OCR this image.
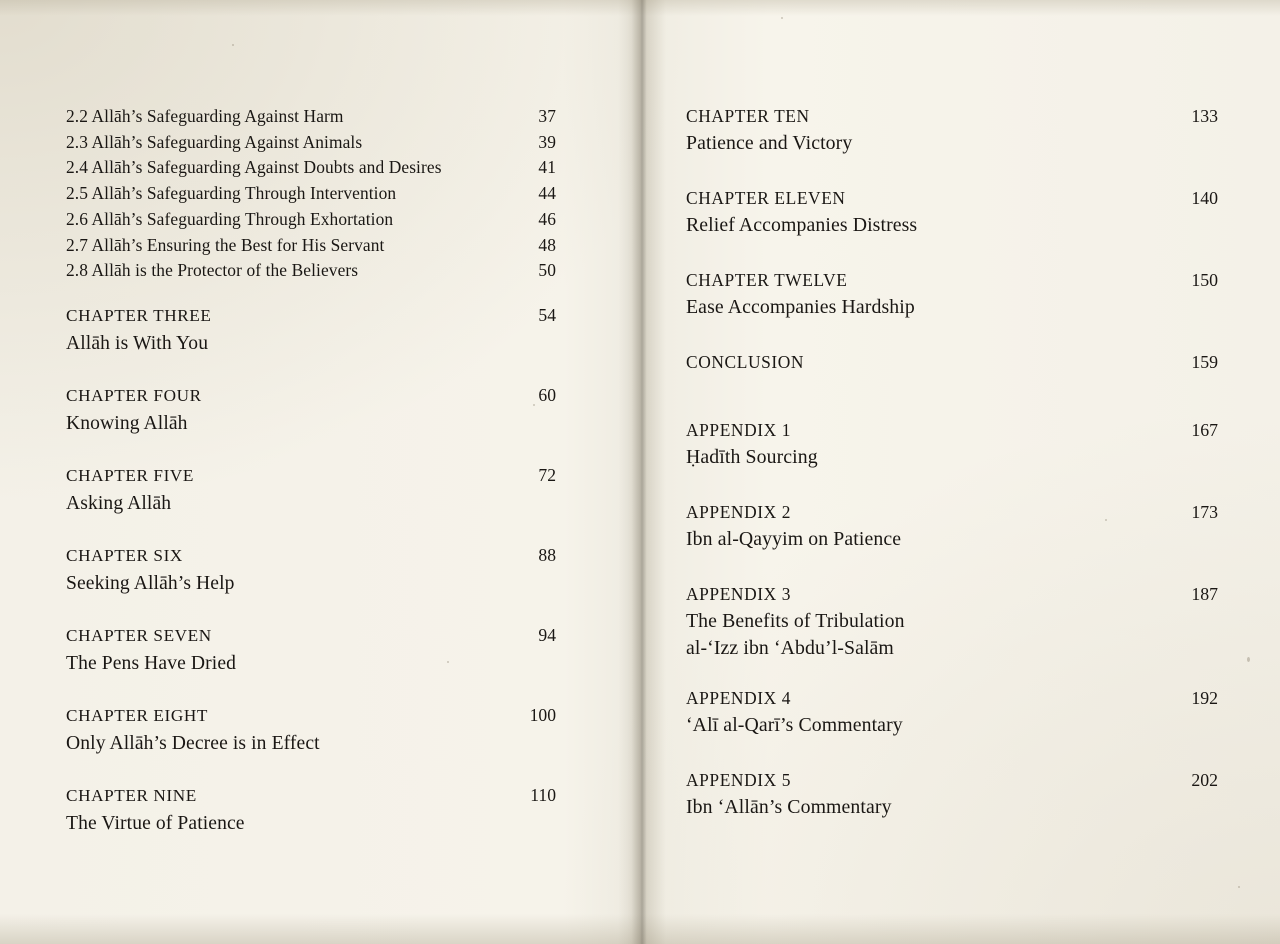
2.2 Allāh’s Safeguarding Against Harm	37
2.3 Allāh’s Safeguarding Against Animals	39
2.4 Allāh’s Safeguarding Against Doubts and Desires	41
2.5 Allāh’s Safeguarding Through Intervention	44
2.6 Allāh’s Safeguarding Through Exhortation	46
2.7 Allāh’s Ensuring the Best for His Servant	48
2.8 Allāh is the Protector of the Believers	50
CHAPTER THREE	54
Allāh is With You
CHAPTER FOUR	60
Knowing Allāh
CHAPTER FIVE	72
Asking Allāh
CHAPTER SIX	88
Seeking Allāh’s Help
CHAPTER SEVEN	94
The Pens Have Dried
CHAPTER EIGHT	100
Only Allāh’s Decree is in Effect
CHAPTER NINE	110
The Virtue of Patience
CHAPTER TEN	133
Patience and Victory
CHAPTER ELEVEN	140
Relief Accompanies Distress
CHAPTER TWELVE	150
Ease Accompanies Hardship
CONCLUSION	159
APPENDIX 1	167
Ḥadīth Sourcing
APPENDIX 2	173
Ibn al-Qayyim on Patience
APPENDIX 3	187
The Benefits of Tribulation
al-ʻIzz ibn ʻAbdu’l-Salām
APPENDIX 4	192
ʻAlī al-Qarī’s Commentary
APPENDIX 5	202
Ibn ʻAllān’s Commentary
